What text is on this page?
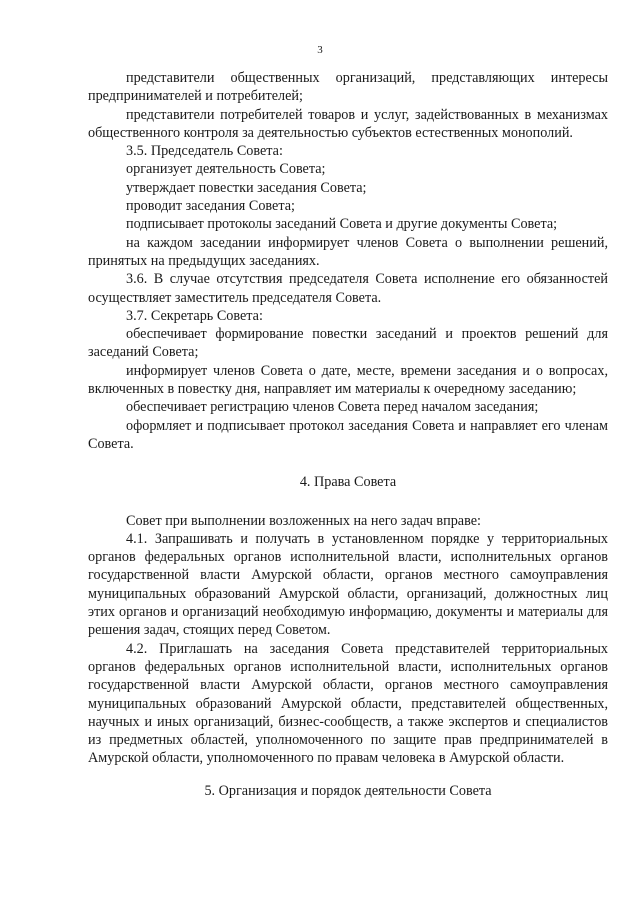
3

представители общественных организаций, представляющих интересы предпринимателей и потребителей;

представители потребителей товаров и услуг, задействованных в механизмах общественного контроля за деятельностью субъектов естественных монополий.

3.5. Председатель Совета:

организует деятельность Совета;

утверждает повестки заседания Совета;

проводит заседания Совета;

подписывает протоколы заседаний Совета и другие документы Совета;

на каждом заседании информирует членов Совета о выполнении решений, принятых на предыдущих заседаниях.

3.6. В случае отсутствия председателя Совета исполнение его обязанностей осуществляет заместитель председателя Совета.

3.7. Секретарь Совета:

обеспечивает формирование повестки заседаний и проектов решений для заседаний Совета;

информирует членов Совета о дате, месте, времени заседания и о вопросах, включенных в повестку дня, направляет им материалы к очередному заседанию;

обеспечивает регистрацию членов Совета перед началом заседания;

оформляет и подписывает протокол заседания Совета и направляет его членам Совета.

4. Права Совета

Совет при выполнении возложенных на него задач вправе:

4.1. Запрашивать и получать в установленном порядке у территориальных органов федеральных органов исполнительной власти, исполнительных органов государственной власти Амурской области, органов местного самоуправления муниципальных образований Амурской области, организаций, должностных лиц этих органов и организаций необходимую информацию, документы и материалы для решения задач, стоящих перед Советом.

4.2. Приглашать на заседания Совета представителей территориальных органов федеральных органов исполнительной власти, исполнительных органов государственной власти Амурской области, органов местного самоуправления муниципальных образований Амурской области, представителей общественных, научных и иных организаций, бизнес-сообществ, а также экспертов и специалистов из предметных областей, уполномоченного по защите прав предпринимателей в Амурской области, уполномоченного по правам человека в Амурской области.

5. Организация и порядок деятельности Совета
